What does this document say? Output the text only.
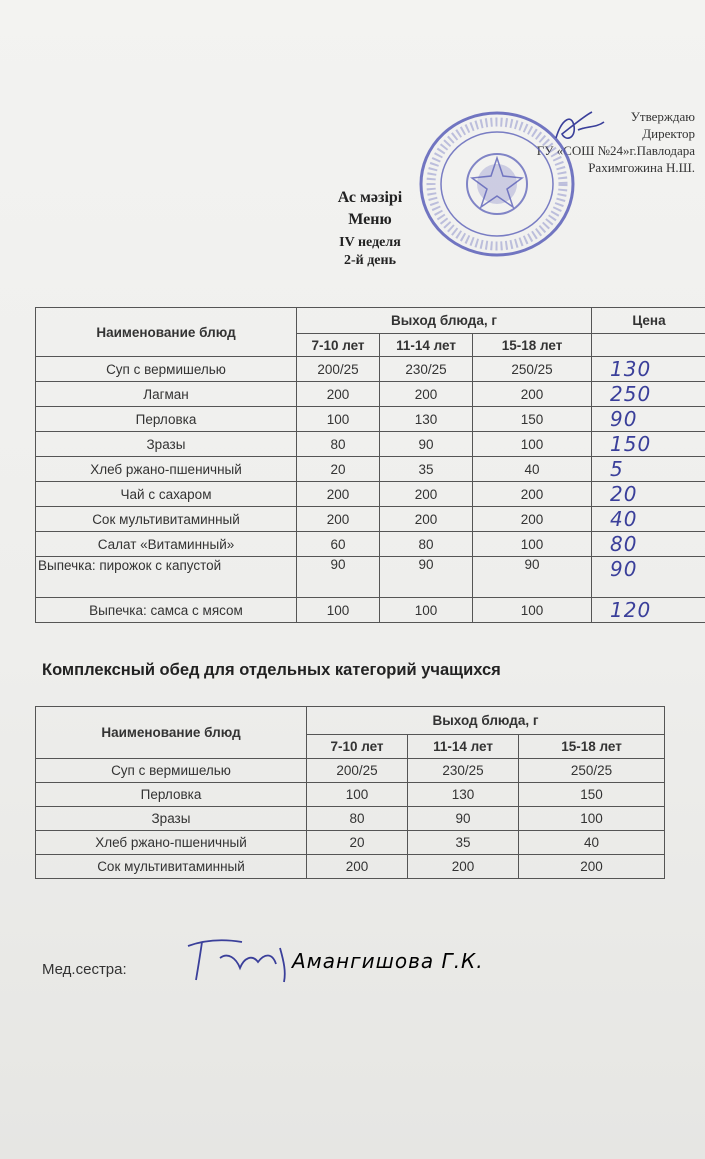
Утверждаю
Директор
ГУ «СОШ №24»г.Павлодара
Рахимгожина Н.Ш.
Ас мәзірі
Меню
IV неделя
2-й день
Наименование блюд	Выход блюда, г			Цена
	7-10 лет	11-14 лет	15-18 лет	
Суп с вермишелью	200/25	230/25	250/25	130
Лагман	200	200	200	250
Перловка	100	130	150	90
Зразы	80	90	100	150
Хлеб ржано-пшеничный	20	35	40	5
Чай с сахаром	200	200	200	20
Сок мультивитаминный	200	200	200	40
Салат «Витаминный»	60	80	100	80
Выпечка: пирожок с капустой	90	90	90	90
Выпечка: самса с мясом	100	100	100	120
Комплексный обед для отдельных категорий учащихся
Наименование блюд	Выход блюда, г		
	7-10 лет	11-14 лет	15-18 лет
Суп с вермишелью	200/25	230/25	250/25
Перловка	100	130	150
Зразы	80	90	100
Хлеб ржано-пшеничный	20	35	40
Сок мультивитаминный	200	200	200
Мед.сестра:	Амангишова Г.К.
